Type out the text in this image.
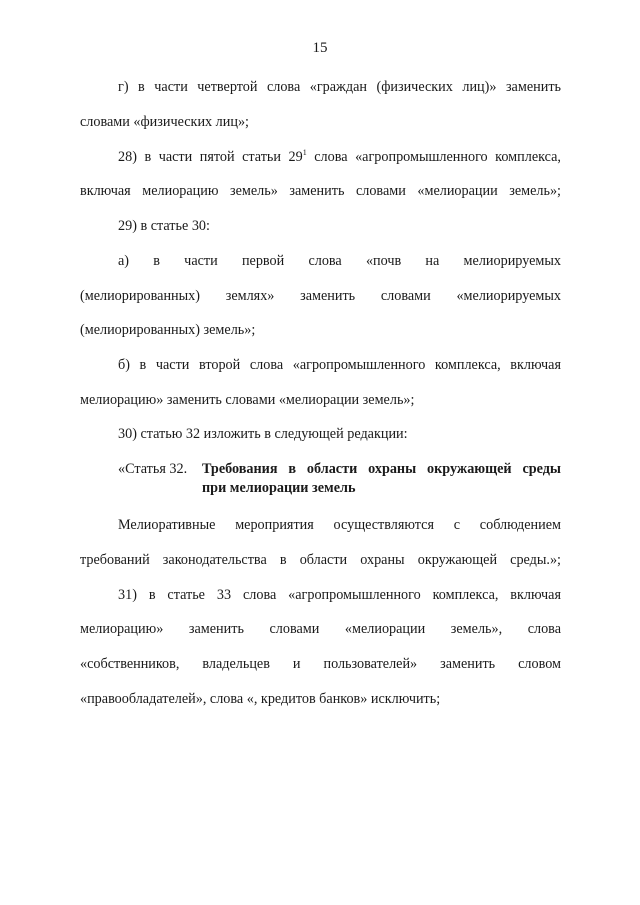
15
г) в части четвертой слова «граждан (физических лиц)» заменить
словами «физических лиц»;
28) в части пятой статьи $29^1$ слова «агропромышленного комплекса,
включая мелиорацию земель» заменить словами «мелиорации земель»;
29) в статье 30:
а) в части первой слова «почв на мелиорируемых
(мелиорированных) землях» заменить словами «мелиорируемых
(мелиорированных) земель»;
б) в части второй слова «агропромышленного комплекса, включая
мелиорацию» заменить словами «мелиорации земель»;
30) статью 32 изложить в следующей редакции:
«Статья 32. Требования в области охраны окружающей среды
при мелиорации земель
Мелиоративные мероприятия осуществляются с соблюдением
требований законодательства в области охраны окружающей среды.»;
31) в статье 33 слова «агропромышленного комплекса, включая
мелиорацию» заменить словами «мелиорации земель», слова
«собственников, владельцев и пользователей» заменить словом
«правообладателей», слова «, кредитов банков» исключить;
